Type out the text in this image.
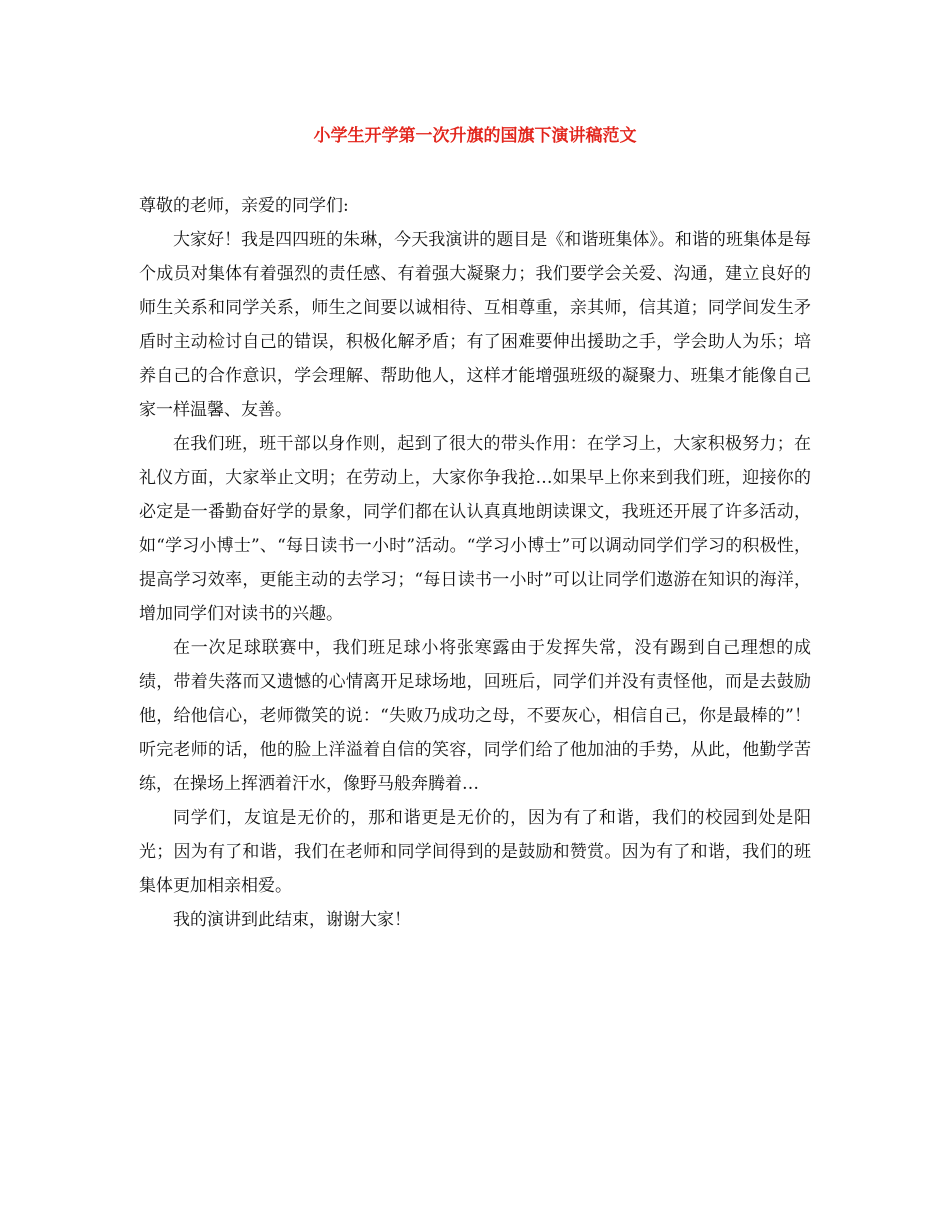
小学生开学第一次升旗的国旗下演讲稿范文

尊敬的老师，亲爱的同学们:

大家好！我是四四班的朱琳，今天我演讲的题目是《和谐班集体》。和谐的班集体是每个成员对集体有着强烈的责任感、有着强大凝聚力；我们要学会关爱、沟通，建立良好的师生关系和同学关系，师生之间要以诚相待、互相尊重，亲其师，信其道；同学间发生矛盾时主动检讨自己的错误，积极化解矛盾；有了困难要伸出援助之手，学会助人为乐；培养自己的合作意识，学会理解、帮助他人，这样才能增强班级的凝聚力、班集才能像自己家一样温馨、友善。

在我们班，班干部以身作则，起到了很大的带头作用：在学习上，大家积极努力；在礼仪方面，大家举止文明；在劳动上，大家你争我抢…如果早上你来到我们班，迎接你的必定是一番勤奋好学的景象，同学们都在认认真真地朗读课文，我班还开展了许多活动，如“学习小博士”、“每日读书一小时”活动。“学习小博士”可以调动同学们学习的积极性，提高学习效率，更能主动的去学习；“每日读书一小时”可以让同学们遨游在知识的海洋，增加同学们对读书的兴趣。

在一次足球联赛中，我们班足球小将张寒露由于发挥失常，没有踢到自己理想的成绩，带着失落而又遗憾的心情离开足球场地，回班后，同学们并没有责怪他，而是去鼓励他，给他信心，老师微笑的说：“失败乃成功之母，不要灰心，相信自己，你是最棒的”！听完老师的话，他的脸上洋溢着自信的笑容，同学们给了他加油的手势，从此，他勤学苦练，在操场上挥洒着汗水，像野马般奔腾着…

同学们，友谊是无价的，那和谐更是无价的，因为有了和谐，我们的校园到处是阳光；因为有了和谐，我们在老师和同学间得到的是鼓励和赞赏。因为有了和谐，我们的班集体更加相亲相爱。

我的演讲到此结束，谢谢大家！
